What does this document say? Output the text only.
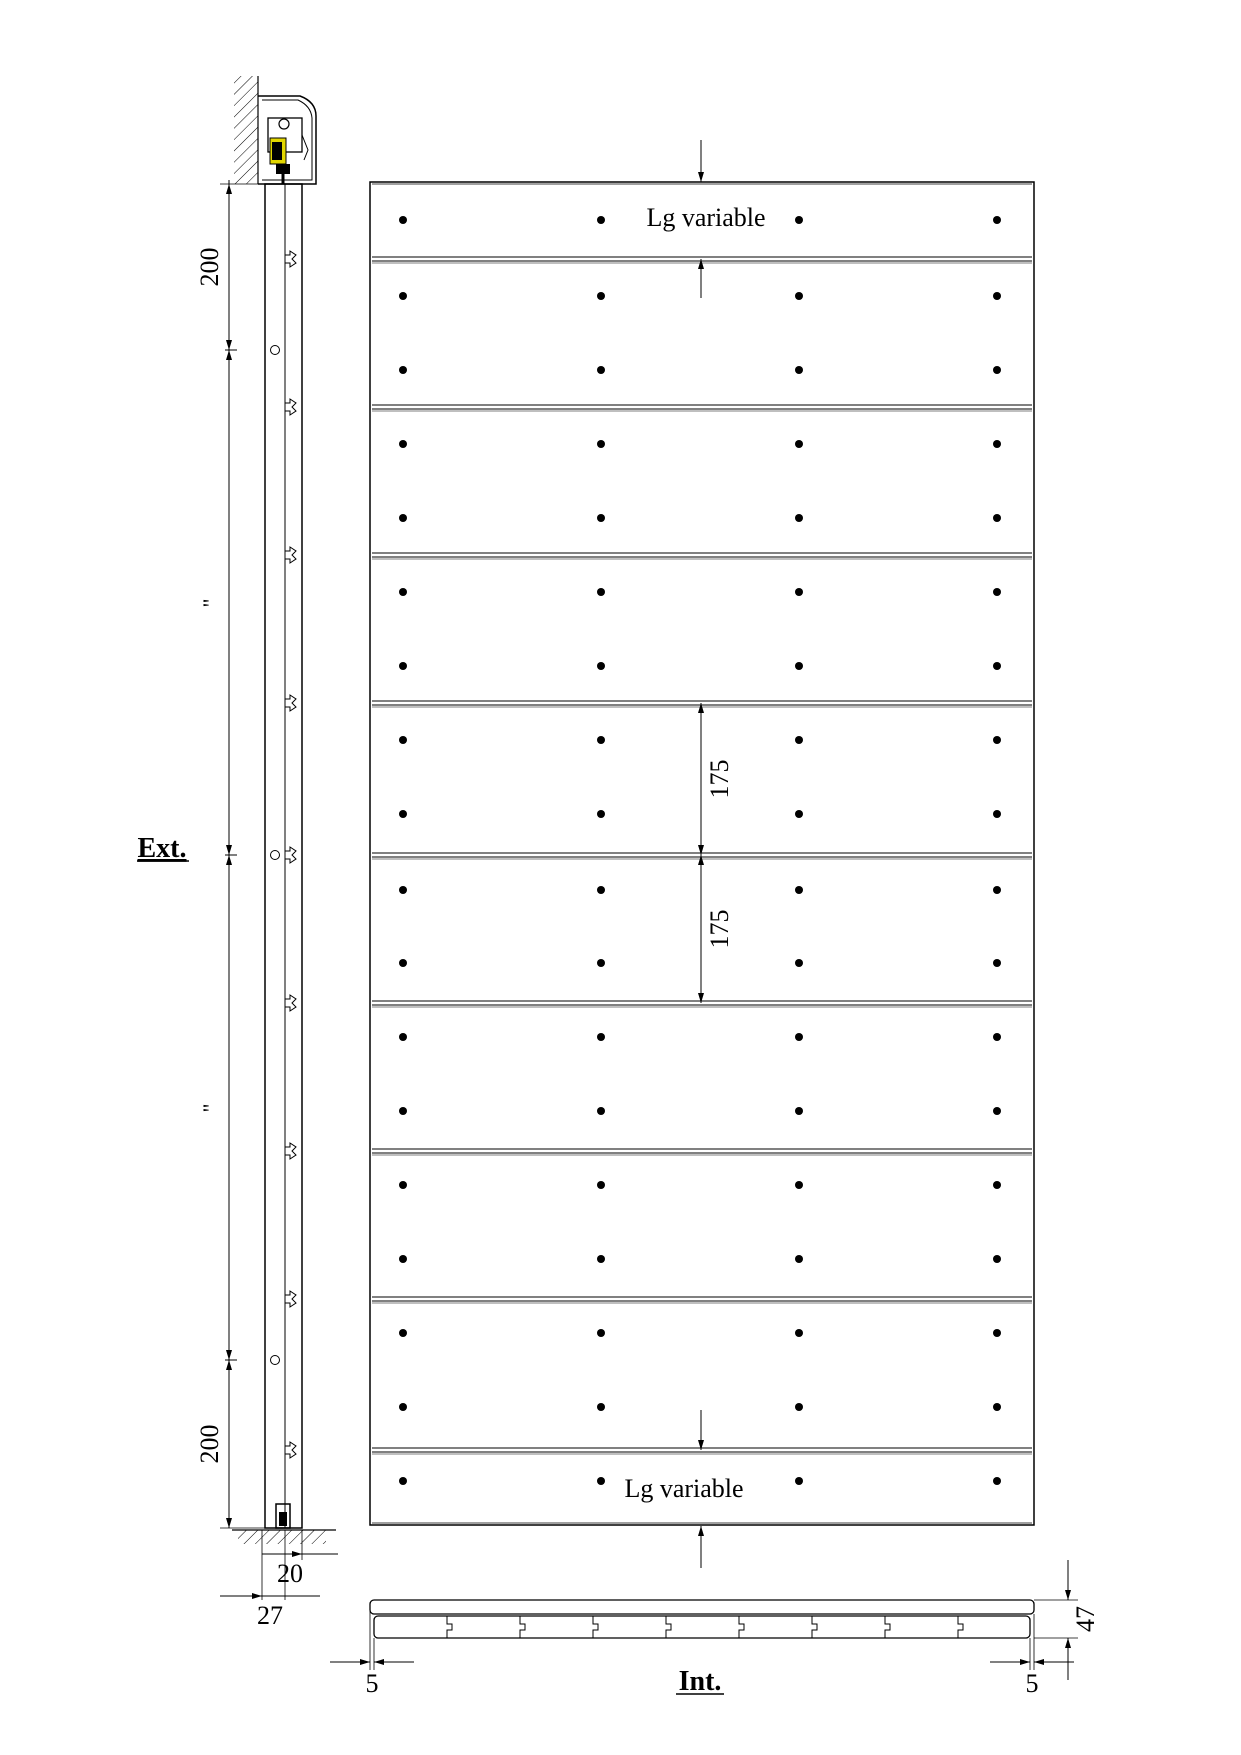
200
"
"
200
Ext.
20
27
Lg variable
175
175
Lg variable
47
5	5
Int.
